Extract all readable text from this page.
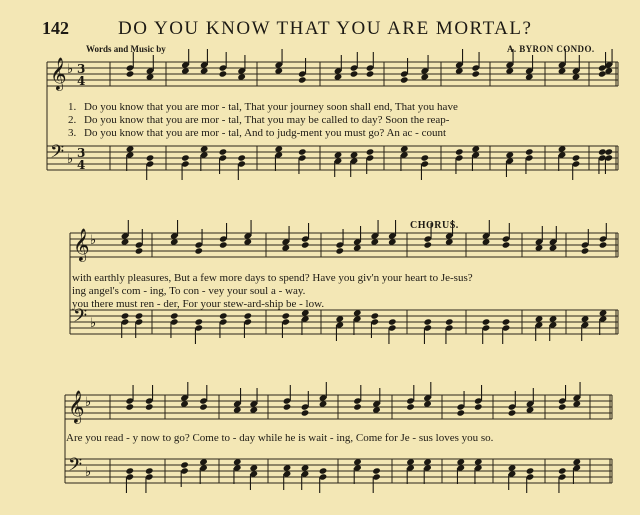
142	DO YOU KNOW THAT YOU ARE MORTAL?
Words and Music by	A. BYRON CONDO.
𝄞 ♭ 3
4
𝄢 ♭ 3
4
𝄞 ♭
𝄢 ♭
𝄞 ♭
𝄢 ♭
CHORUS.
1. Do you know that you are mor - tal, That your journey soon shall end, That you have
2. Do you know that you are mor - tal, That you may be called to day? Soon the reap-
3. Do you know that you are mor - tal, And to judg-ment you must go? An ac - count
with earthly pleasures, But a few more days to spend? Have you giv'n your heart to Je-sus?
ing angel's com - ing, To con - vey your soul a - way.
you there must ren - der, For your stew-ard-ship be - low.
Are you read - y now to go? Come to - day while he is wait - ing, Come for Je - sus loves you so.
